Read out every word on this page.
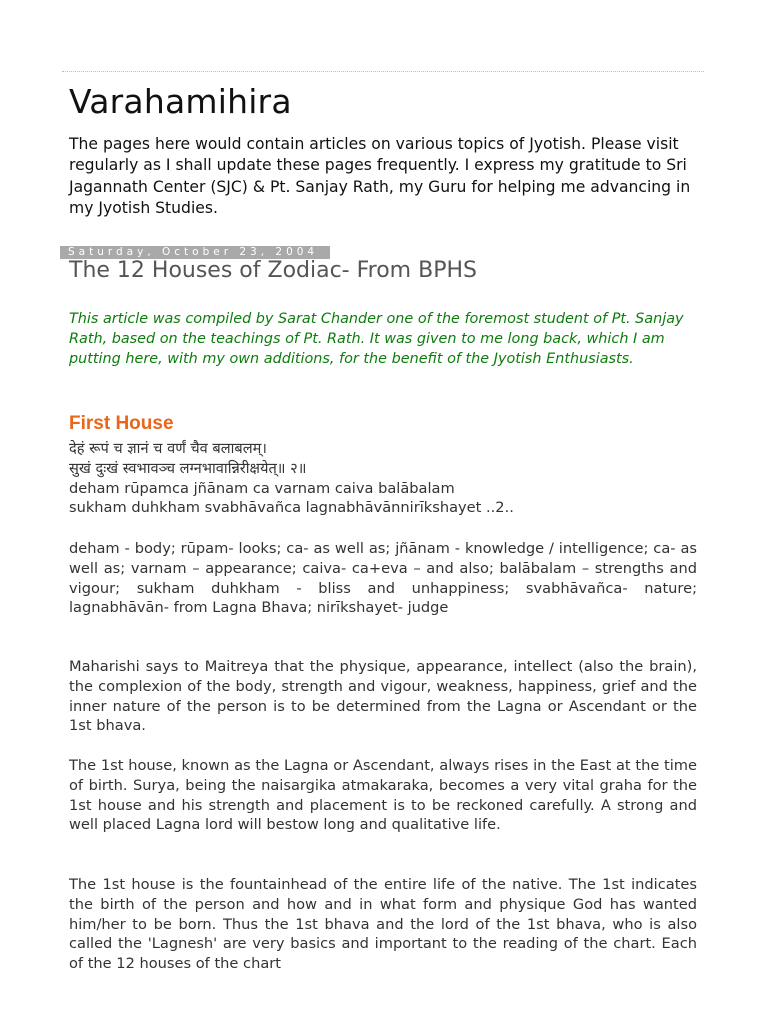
Varahamihira

The pages here would contain articles on various topics of Jyotish. Please visit regularly as I shall update these pages frequently. I express my gratitude to Sri Jagannath Center (SJC) & Pt. Sanjay Rath, my Guru for helping me advancing in my Jyotish Studies.

Saturday, October 23, 2004
The 12 Houses of Zodiac- From BPHS

This article was compiled by Sarat Chander one of the foremost student of Pt. Sanjay Rath, based on the teachings of Pt. Rath. It was given to me long back, which I am putting here, with my own additions, for the benefit of the Jyotish Enthusiasts.

First House
देहं रूपं च ज्ञानं च वर्णं चैव बलाबलम्।
सुखं दुःखं स्वभावञ्च लग्नभावान्निरीक्षयेत्॥ २॥
deham rūpamca jñānam ca varnam caiva balābalam
sukham duhkham svabhāvañca lagnabhāvānnirīkshayet ..2..

deham - body; rūpam- looks; ca- as well as; jñānam - knowledge / intelligence; ca- as well as; varnam – appearance; caiva- ca+eva – and also; balābalam – strengths and vigour; sukham duhkham - bliss and unhappiness; svabhāvañca- nature; lagnabhāvān- from Lagna Bhava; nirīkshayet- judge

Maharishi says to Maitreya that the physique, appearance, intellect (also the brain), the complexion of the body, strength and vigour, weakness, happiness, grief and the inner nature of the person is to be determined from the Lagna or Ascendant or the 1st bhava.

The 1st house, known as the Lagna or Ascendant, always rises in the East at the time of birth. Surya, being the naisargika atmakaraka, becomes a very vital graha for the 1st house and his strength and placement is to be reckoned carefully. A strong and well placed Lagna lord will bestow long and qualitative life.

The 1st house is the fountainhead of the entire life of the native. The 1st indicates the birth of the person and how and in what form and physique God has wanted him/her to be born. Thus the 1st bhava and the lord of the 1st bhava, who is also called the 'Lagnesh' are very basics and important to the reading of the chart. Each of the 12 houses of the chart
